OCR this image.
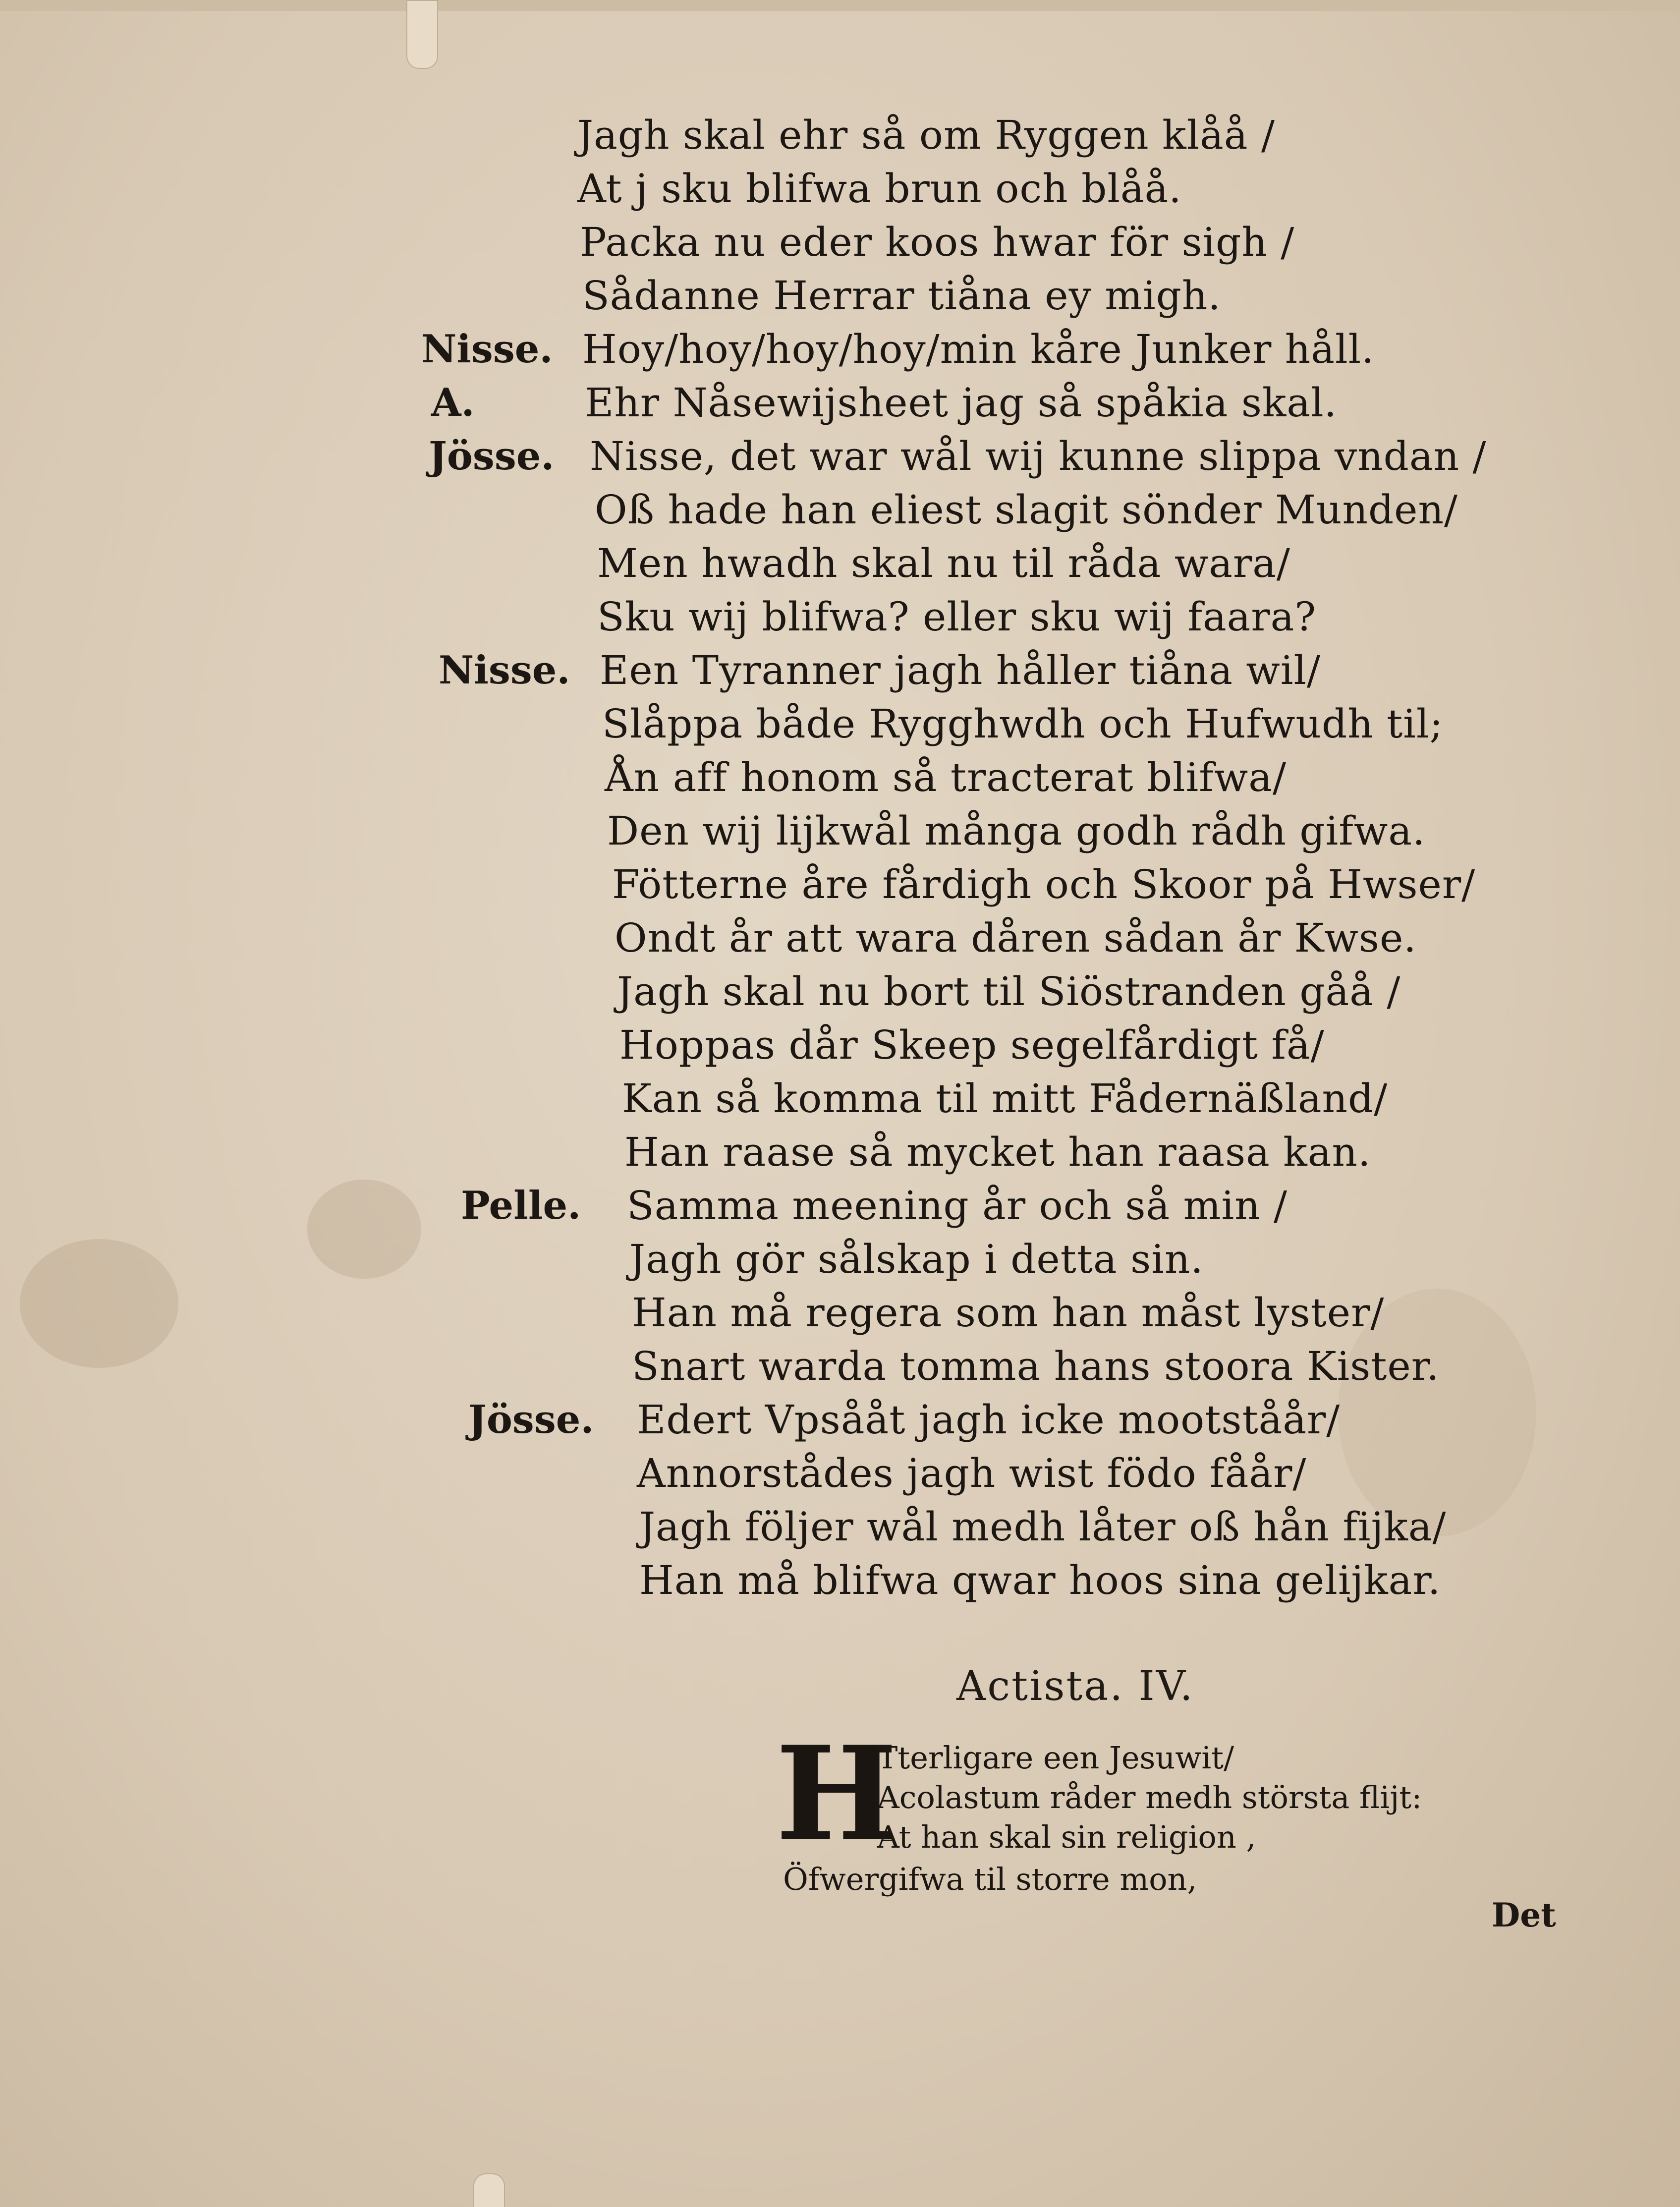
Jagh skal ehr så om Ryggen klåå /
At j sku blifwa brun och blåå.
Packa nu eder koos hwar för sigh /
Sådanne Herrar tiåna ey migh.
Nisse. Hoy/hoy/hoy/hoy/min kåre Junker håll.
A.	Ehr Nåsewijsheet jag så spåkia skal.
Jösse. Nisse, det war wål wij kunne slippa vndan /
Oß hade han eliest slagit sönder Munden/
Men hwadh skal nu til råda wara/
Sku wij blifwa? eller sku wij faara?
Nisse. Een Tyranner jagh håller tiåna wil/
Slåppa både Rygghwdh och Hufwudh til;
Ån aff honom så tracterat blifwa/
Den wij lijkwål många godh rådh gifwa.
Fötterne åre fårdigh och Skoor på Hwser/
Ondt år att wara dåren sådan år Kwse.
Jagh skal nu bort til Siöstranden gåå /
Hoppas dår Skeep segelfårdigt få/
Kan så komma til mitt Fådernäßland/
Han raase så mycket han raasa kan.
Pelle. Samma meening år och så min /
Jagh gör sålskap i detta sin.
Han må regera som han måst lyster/
Snart warda tomma hans stoora Kister.
Jösse. Edert Vpsååt jagh icke mootståår/
Annorstådes jagh wist födo fåår/
Jagh följer wål medh låter oß hån fijka/
Han må blifwa qwar hoos sina gelijkar.
Actista. IV.
H
Tterligare een Jesuwit/
Acolastum råder medh största flijt:
At han skal sin religion ,
Öfwergifwa til storre mon,
Det
